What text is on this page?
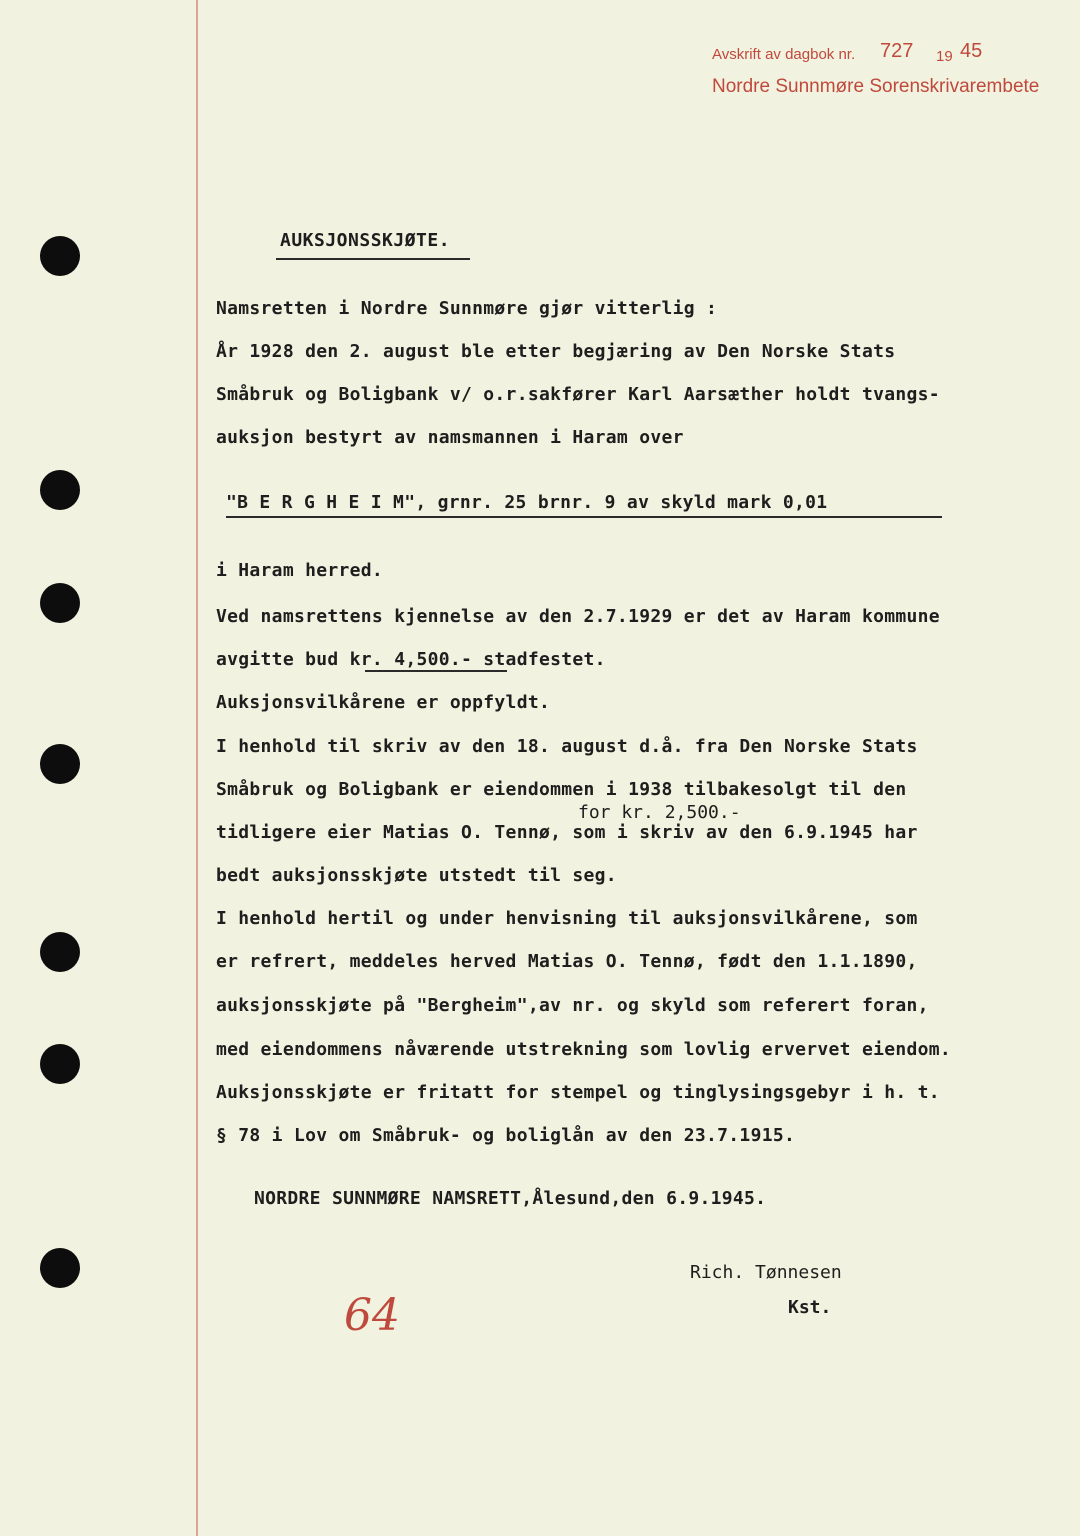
Avskrift av dagbok nr. 727 19 45
Nordre Sunnmøre Sorenskrivarembete
AUKSJONSSKJØTE.
Namsretten i Nordre Sunnmøre gjør vitterlig :
År 1928 den 2. august ble etter begjæring av Den Norske Stats
Småbruk og Boligbank v/ o.r.sakfører Karl Aarsæther holdt tvangs-
auksjon bestyrt av namsmannen i Haram over
"B E R G H E I M", grnr. 25 brnr. 9 av skyld mark 0,01
i Haram herred.
Ved namsrettens kjennelse av den 2.7.1929 er det av Haram kommune
avgitte bud kr. 4,500.- stadfestet.
Auksjonsvilkårene er oppfyldt.
I henhold til skriv av den 18. august d.å. fra Den Norske Stats
Småbruk og Boligbank er eiendommen i 1938 tilbakesolgt til den
for kr. 2,500.-
tidligere eier Matias O. Tennø, som i skriv av den 6.9.1945 har
bedt auksjonsskjøte utstedt til seg.
I henhold hertil og under henvisning til auksjonsvilkårene, som
er refrert, meddeles herved Matias O. Tennø, født den 1.1.1890,
auksjonsskjøte på "Bergheim",av nr. og skyld som referert foran,
med eiendommens nåværende utstrekning som lovlig ervervet eiendom.
Auksjonsskjøte er fritatt for stempel og tinglysingsgebyr i h. t.
§ 78 i Lov om Småbruk- og boliglån av den 23.7.1915.
NORDRE SUNNMØRE NAMSRETT,Ålesund,den 6.9.1945.
Rich. Tønnesen
Kst.
64
